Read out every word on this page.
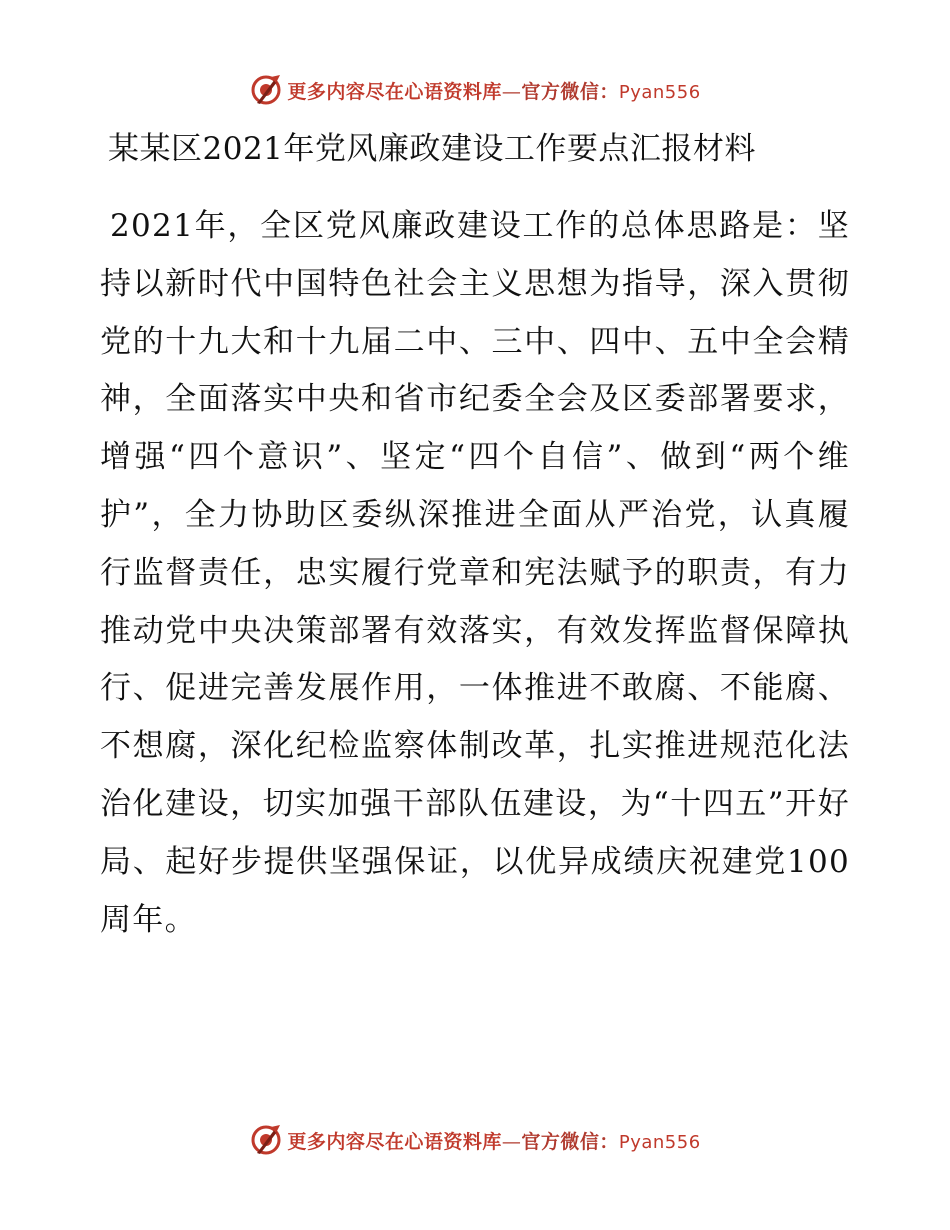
更多内容尽在心语资料库—官方微信：Pyan556
某某区2021年党风廉政建设工作要点汇报材料

2021年，全区党风廉政建设工作的总体思路是：坚持以新时代中国特色社会主义思想为指导，深入贯彻党的十九大和十九届二中、三中、四中、五中全会精神，全面落实中央和省市纪委全会及区委部署要求，增强“四个意识”、坚定“四个自信”、做到“两个维护”，全力协助区委纵深推进全面从严治党，认真履行监督责任，忠实履行党章和宪法赋予的职责，有力推动党中央决策部署有效落实，有效发挥监督保障执行、促进完善发展作用，一体推进不敢腐、不能腐、不想腐，深化纪检监察体制改革，扎实推进规范化法治化建设，切实加强干部队伍建设，为“十四五”开好局、起好步提供坚强保证，以优异成绩庆祝建党100周年。

更多内容尽在心语资料库—官方微信：Pyan556
